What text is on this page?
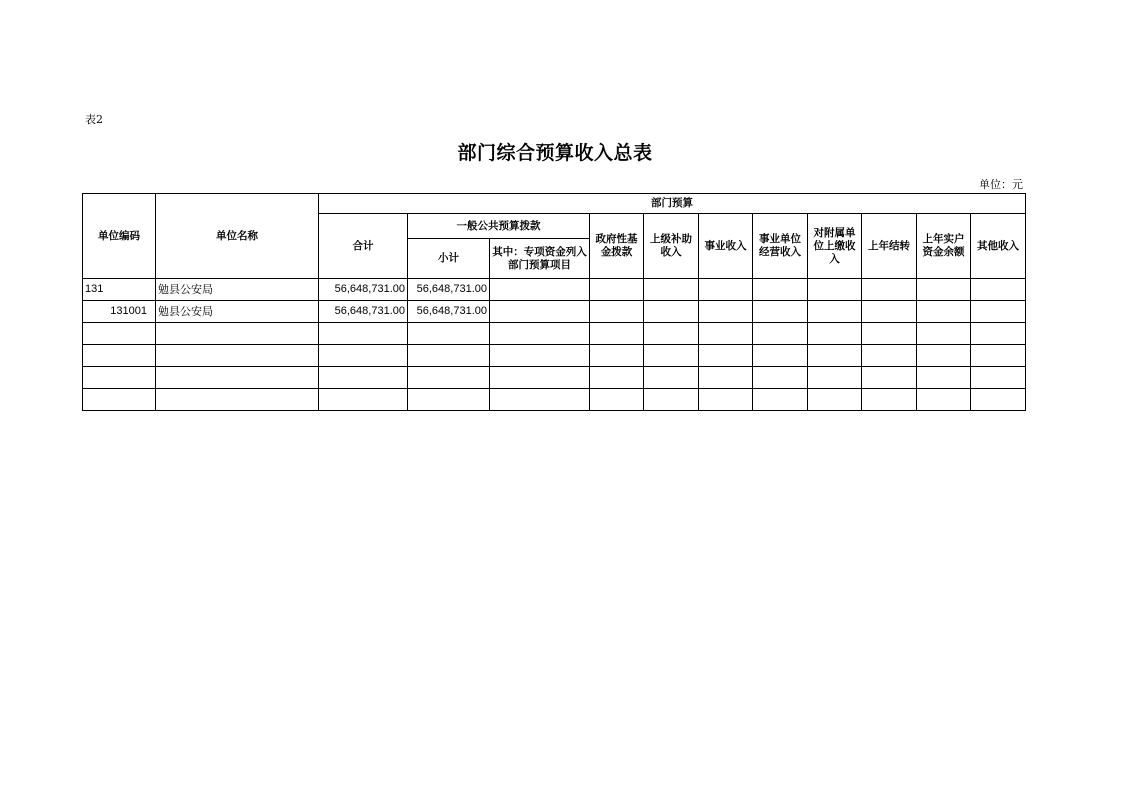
表2
部门综合预算收入总表
单位：元
单位编码	单位名称	部门预算										
		合计	一般公共预算拨款		政府性基金拨款	上级补助收入	事业收入	事业单位经营收入	对附属单位上缴收入	上年结转	上年实户资金余额	其他收入
			小计	其中：专项资金列入部门预算项目								
131	勉县公安局	56,648,731.00	56,648,731.00									
131001	勉县公安局	56,648,731.00	56,648,731.00									
